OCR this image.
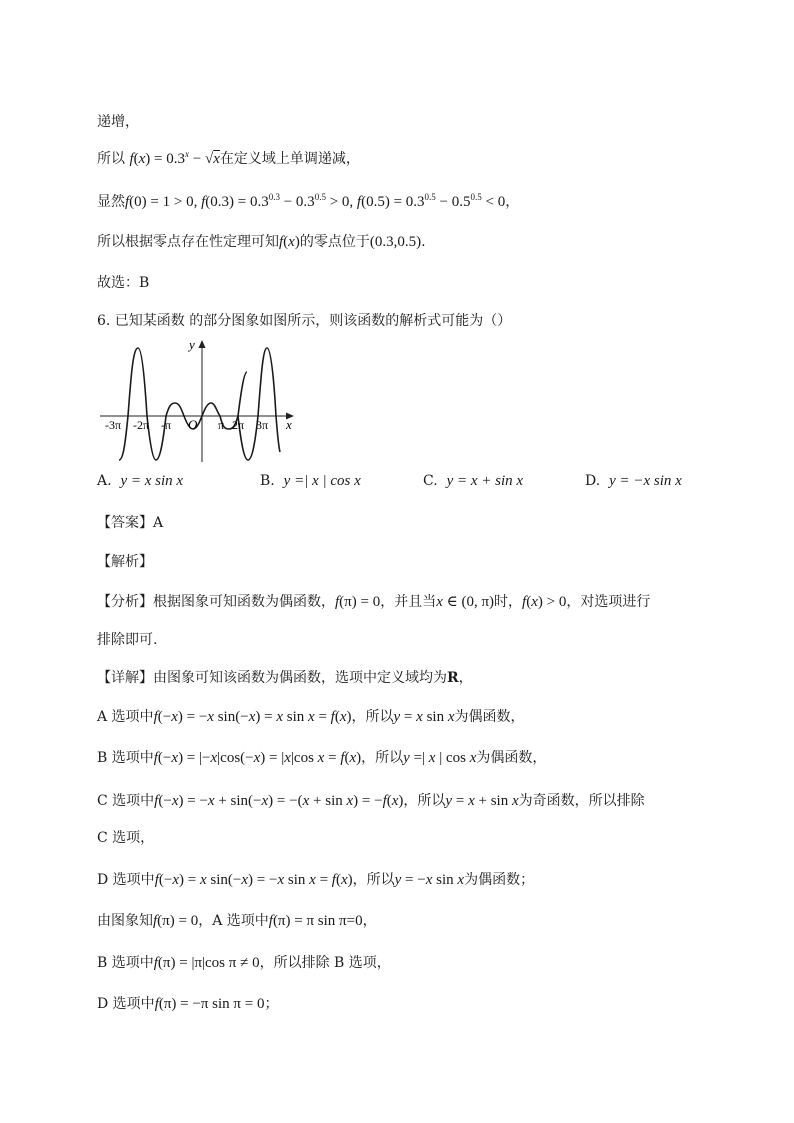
递增，
所以 $f(x) = 0.3^x - √x$在定义域上单调递减，
显然f(0) = 1 > 0, $f(0.3) = 0.3^{0.3} - 0.3^{0.5} > 0$, $f(0.5) = 0.3^{0.5} - 0.5^{0.5} < 0$，
所以根据零点存在性定理可知f(x)的零点位于(0.3,0.5).
故选：B
6. 已知某函数 的部分图象如图所示，则该函数的解析式可能为（）
y
x
O
-3π -2π -π	π 2π 3π
A. y = x sin x	B. y =| x | cos x	C. y = x + sin x	D. y = −x sin x
【答案】A
【解析】
【分析】根据图象可知函数为偶函数，f(π) = 0，并且当x ∈ (0, π)时，f(x) > 0，对选项进行
排除即可.
【详解】由图象可知该函数为偶函数，选项中定义域均为R，
A 选项中f(−x) = −x sin(−x) = x sin x = f(x)，所以y = x sin x为偶函数，
B 选项中f(−x) = |−x|cos(−x) = |x|cos x = f(x)，所以y =| x | cos x为偶函数，
C 选项中f(−x) = −x + sin(−x) = −(x + sin x) = −f(x)，所以y = x + sin x为奇函数，所以排除
C 选项，
D 选项中f(−x) = x sin(−x) = −x sin x = f(x)，所以y = −x sin x为偶函数；
由图象知f(π) = 0，A 选项中f(π) = π sin π=0，
B 选项中f(π) = |π|cos π ≠ 0，所以排除 B 选项，
D 选项中f(π) = −π sin π = 0；
